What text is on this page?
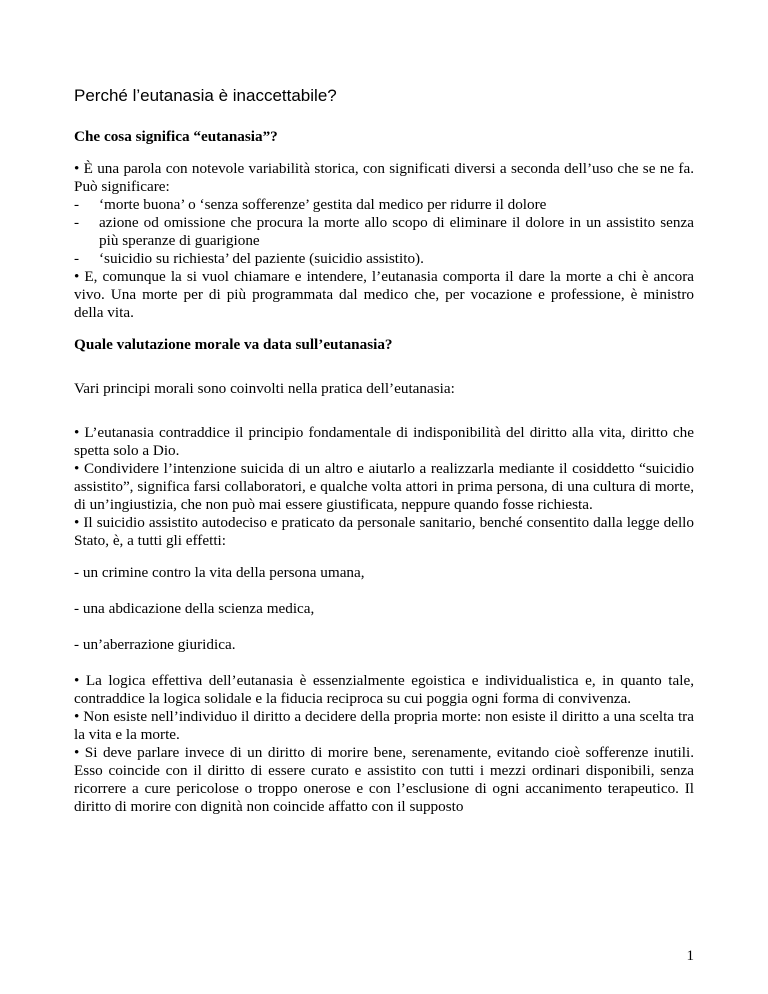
Perché l’eutanasia è inaccettabile?
Che cosa significa “eutanasia”?

• È una parola con notevole variabilità storica, con significati diversi a seconda dell’uso che se ne fa. Può significare:

- ‘morte buona’ o ‘senza sofferenze’ gestita dal medico per ridurre il dolore
- azione od omissione che procura la morte allo scopo di eliminare il dolore in un assistito senza più speranze di guarigione
- ‘suicidio su richiesta’ del paziente (suicidio assistito).

• E, comunque la si vuol chiamare e intendere, l’eutanasia comporta il dare la morte a chi è ancora vivo. Una morte per di più programmata dal medico che, per vocazione e professione, è ministro della vita.

Quale valutazione morale va data sull’eutanasia?

Vari principi morali sono coinvolti nella pratica dell’eutanasia:

• L’eutanasia contraddice il principio fondamentale di indisponibilità del diritto alla vita, diritto che spetta solo a Dio.

• Condividere l’intenzione suicida di un altro e aiutarlo a realizzarla mediante il cosiddetto “suicidio assistito”, significa farsi collaboratori, e qualche volta attori in prima persona, di una cultura di morte, di un’ingiustizia, che non può mai essere giustificata, neppure quando fosse richiesta.

• Il suicidio assistito autodeciso e praticato da personale sanitario, benché consentito dalla legge dello Stato, è, a tutti gli effetti:

- un crimine contro la vita della persona umana,

- una abdicazione della scienza medica,

- un’aberrazione giuridica.

• La logica effettiva dell’eutanasia è essenzialmente egoistica e individualistica e, in quanto tale, contraddice la logica solidale e la fiducia reciproca su cui poggia ogni forma di convivenza.

• Non esiste nell’individuo il diritto a decidere della propria morte: non esiste il diritto a una scelta tra la vita e la morte.

• Si deve parlare invece di un diritto di morire bene, serenamente, evitando cioè sofferenze inutili. Esso coincide con il diritto di essere curato e assistito con tutti i mezzi ordinari disponibili, senza ricorrere a cure pericolose o troppo onerose e con l’esclusione di ogni accanimento terapeutico. Il diritto di morire con dignità non coincide affatto con il supposto

1
